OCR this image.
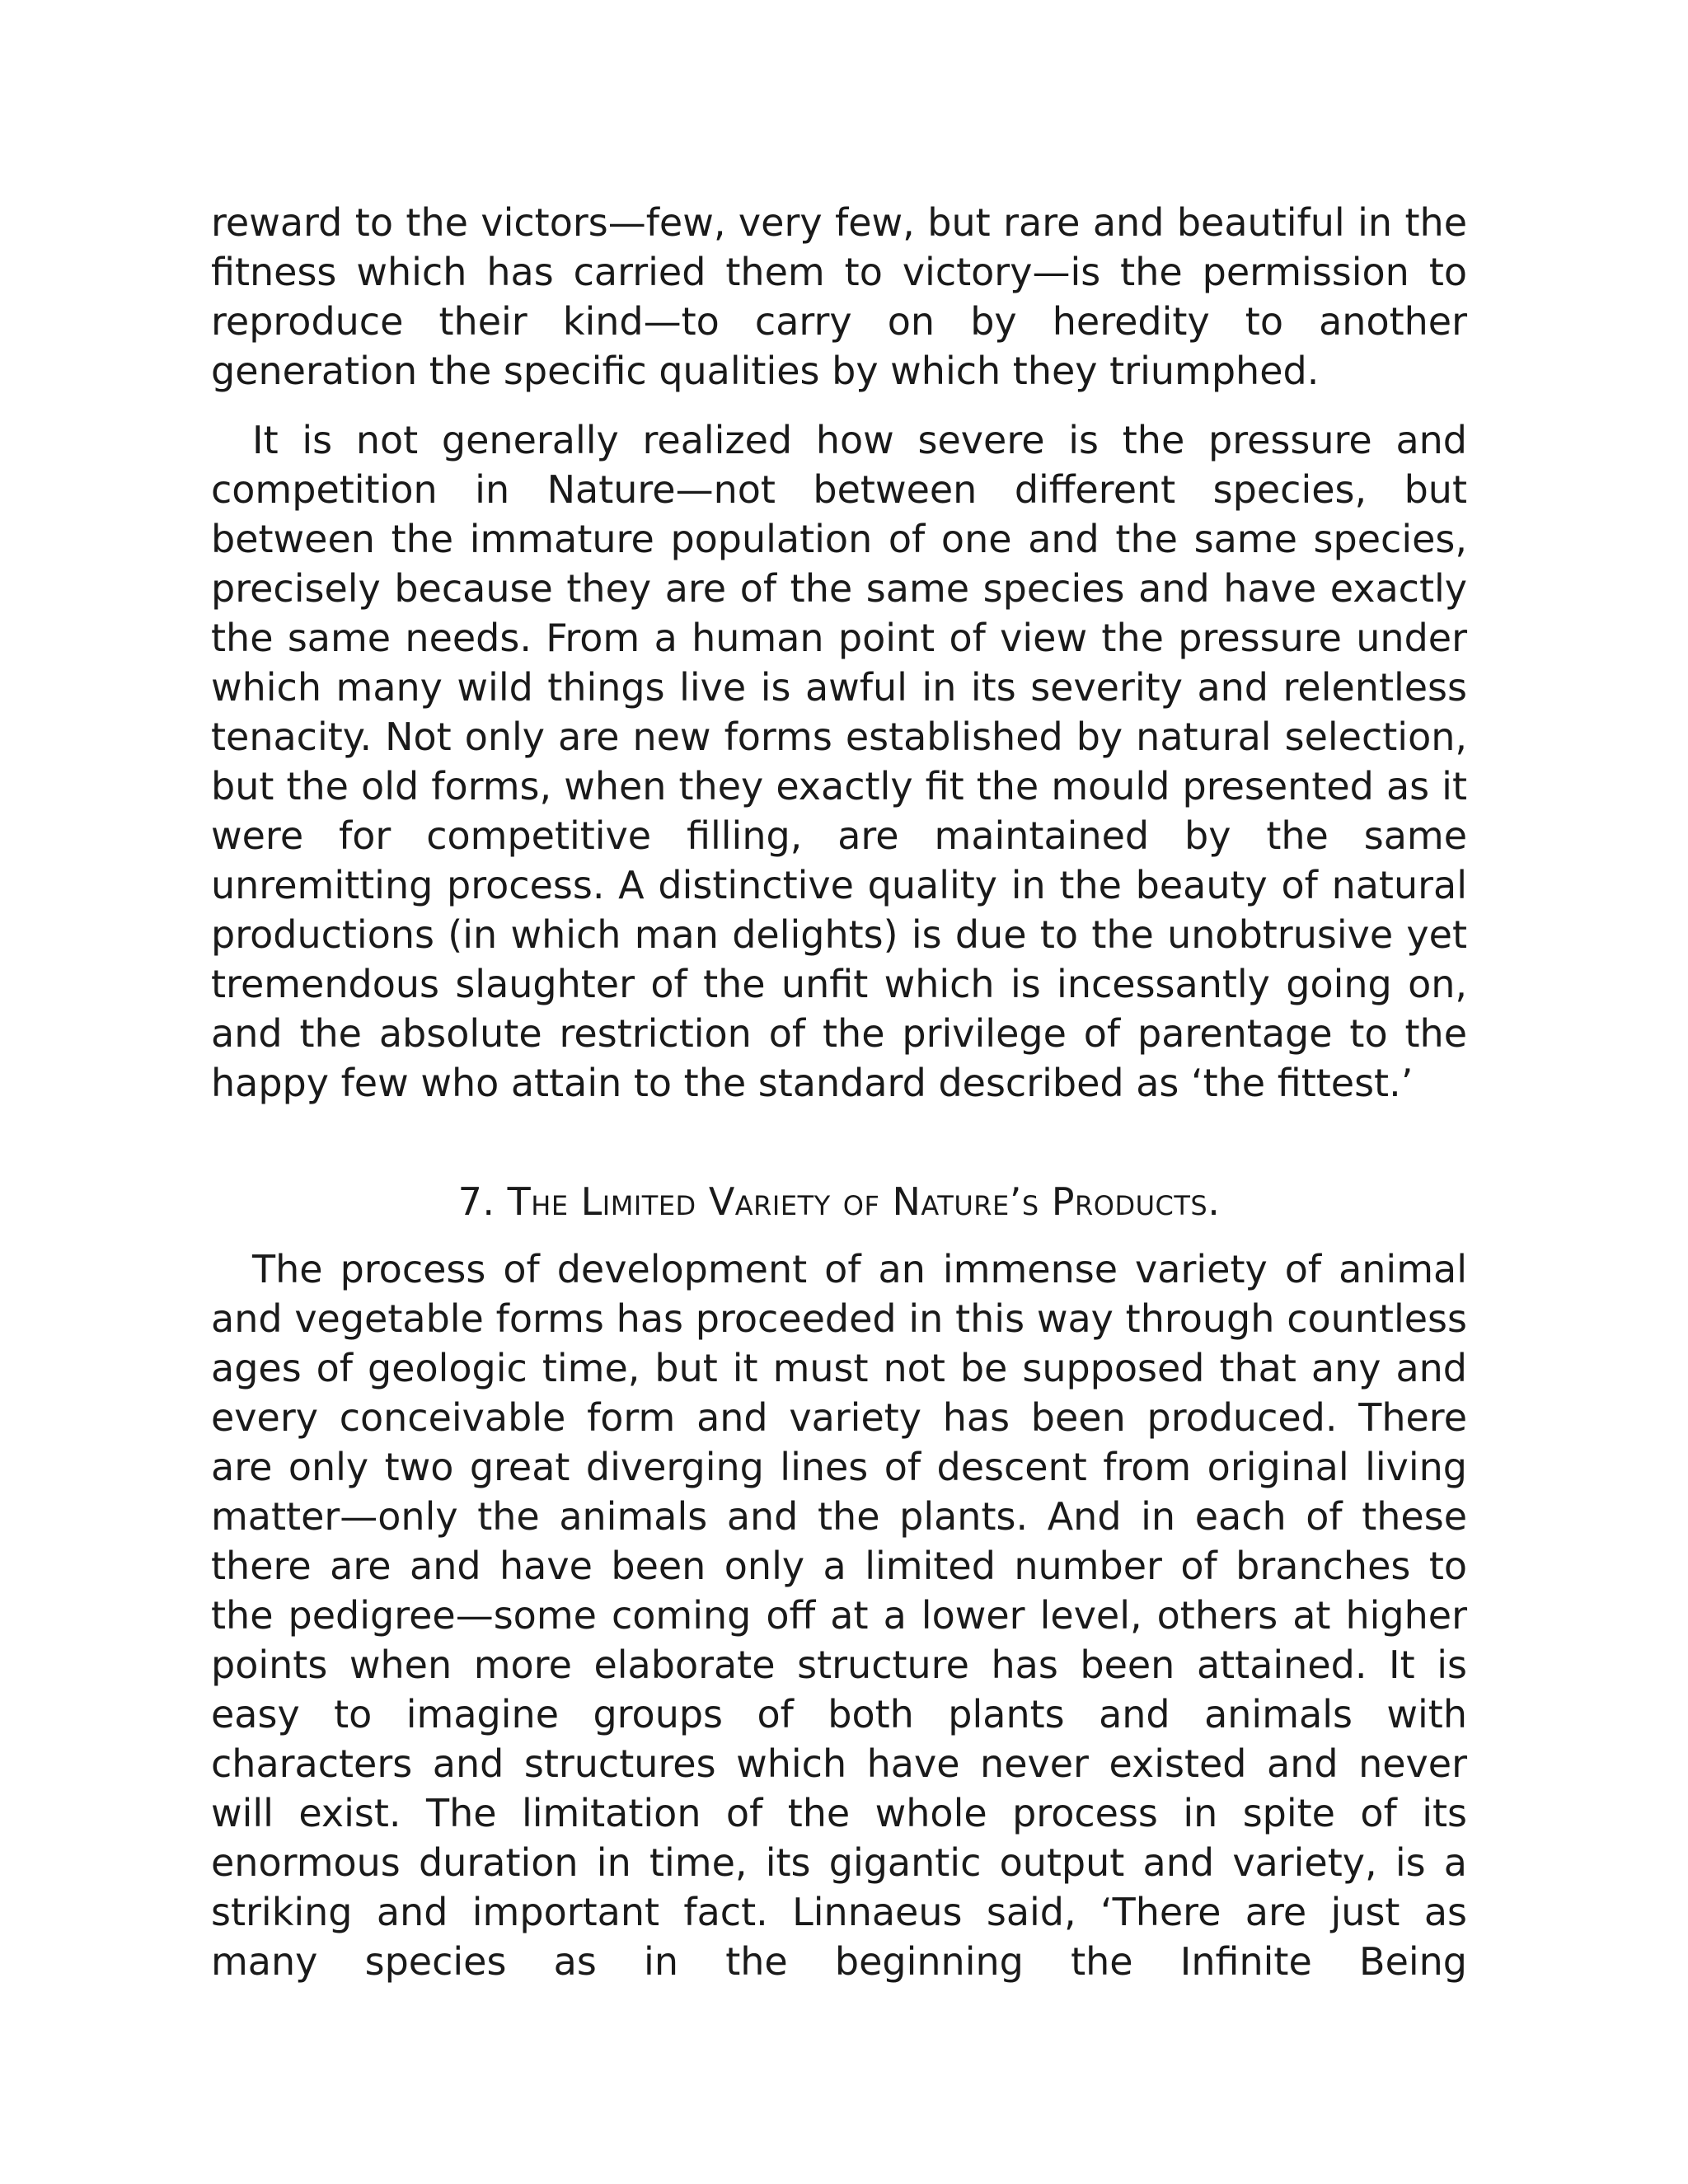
reward to the victors—few, very few, but rare and beautiful in the fitness which has carried them to victory—is the permission to reproduce their kind—to carry on by heredity to another generation the specific qualities by which they triumphed.

It is not generally realized how severe is the pressure and competition in Nature—not between different species, but between the immature population of one and the same species, precisely because they are of the same species and have exactly the same needs. From a human point of view the pressure under which many wild things live is awful in its severity and relentless tenacity. Not only are new forms established by natural selection, but the old forms, when they exactly fit the mould presented as it were for competitive filling, are maintained by the same unremitting process. A distinctive quality in the beauty of natural productions (in which man delights) is due to the unobtrusive yet tremendous slaughter of the unfit which is incessantly going on, and the absolute restriction of the privilege of parentage to the happy few who attain to the standard described as ‘the fittest.’

7. The Limited Variety of Nature’s Products.

The process of development of an immense variety of animal and vegetable forms has proceeded in this way through countless ages of geologic time, but it must not be supposed that any and every conceivable form and variety has been produced. There are only two great diverging lines of descent from original living matter—only the animals and the plants. And in each of these there are and have been only a limited number of branches to the pedigree—some coming off at a lower level, others at higher points when more elaborate structure has been attained. It is easy to imagine groups of both plants and animals with characters and structures which have never existed and never will exist. The limitation of the whole process in spite of its enormous duration in time, its gigantic output and variety, is a striking and important fact. Linnaeus said, ‘There are just as many species as in the beginning the Infinite Being
